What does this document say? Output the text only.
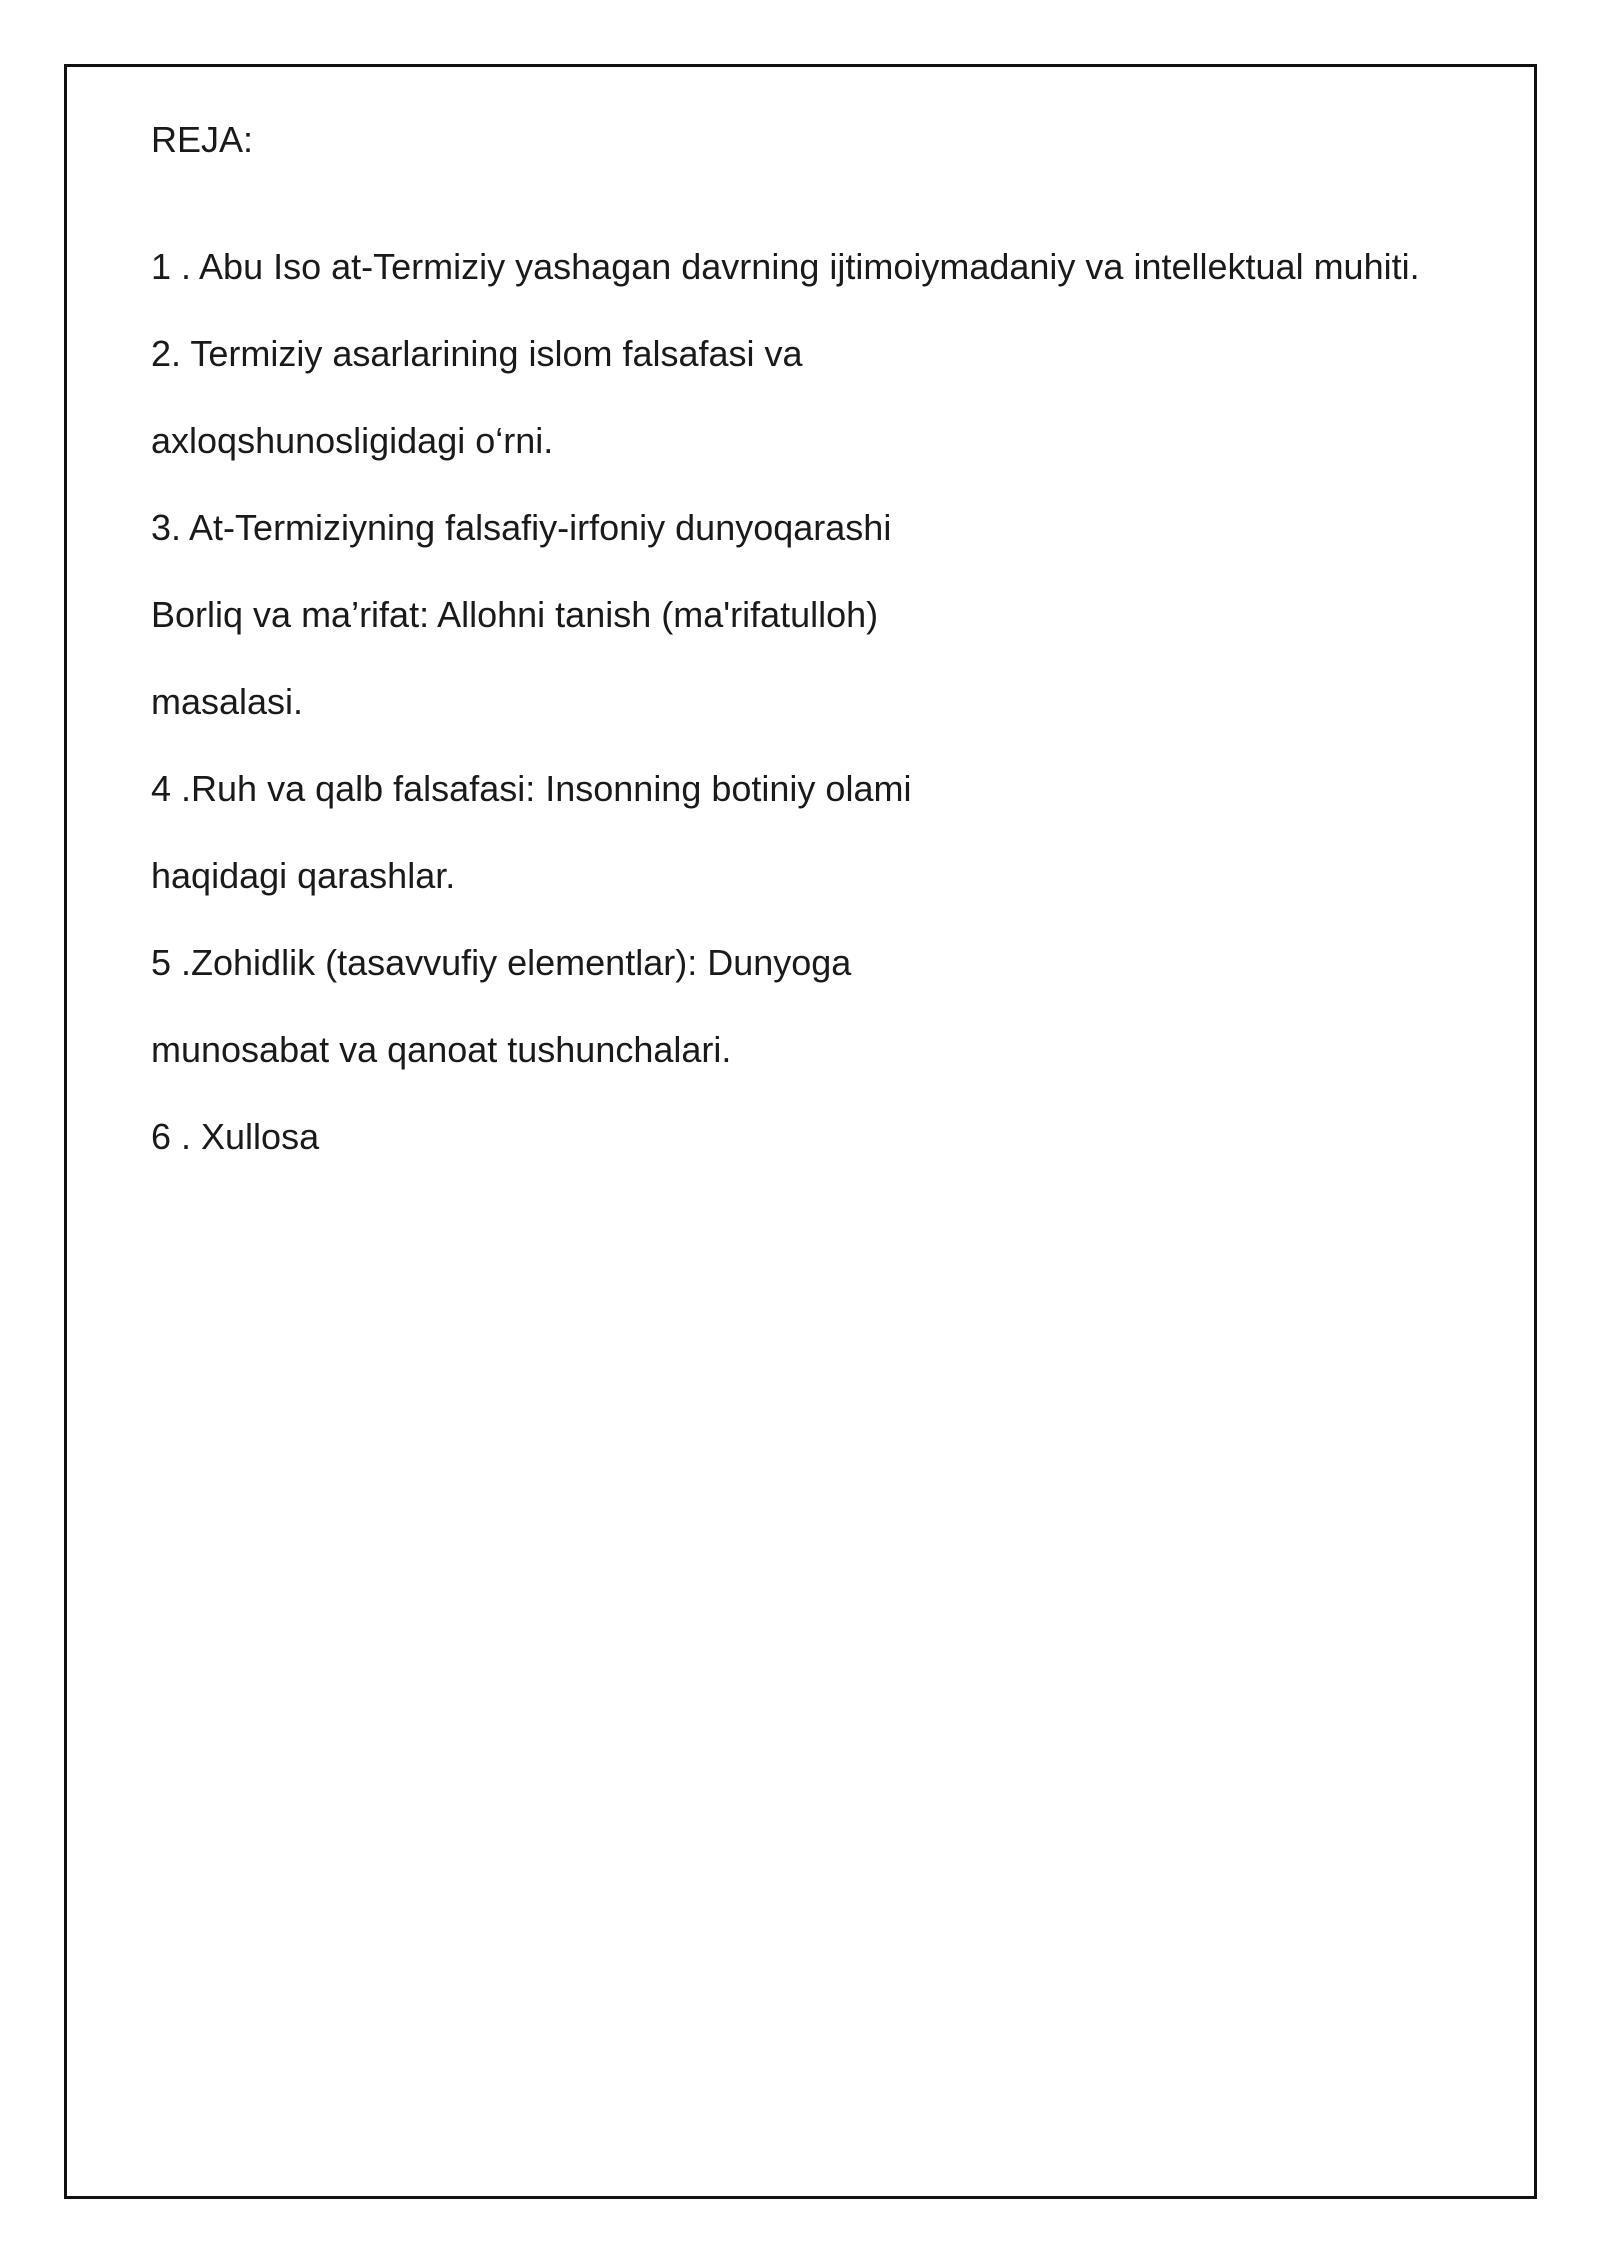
REJA:
1 . Abu Iso at-Termiziy yashagan davrning ijtimoiymadaniy va intellektual muhiti.
2. Termiziy asarlarining islom falsafasi va
axloqshunosligidagi o‘rni.
3. At-Termiziyning falsafiy-irfoniy dunyoqarashi
Borliq va ma’rifat: Allohni tanish (ma'rifatulloh)
masalasi.
4 .Ruh va qalb falsafasi: Insonning botiniy olami
haqidagi qarashlar.
5 .Zohidlik (tasavvufiy elementlar): Dunyoga
munosabat va qanoat tushunchalari.
6 . Xullosa
